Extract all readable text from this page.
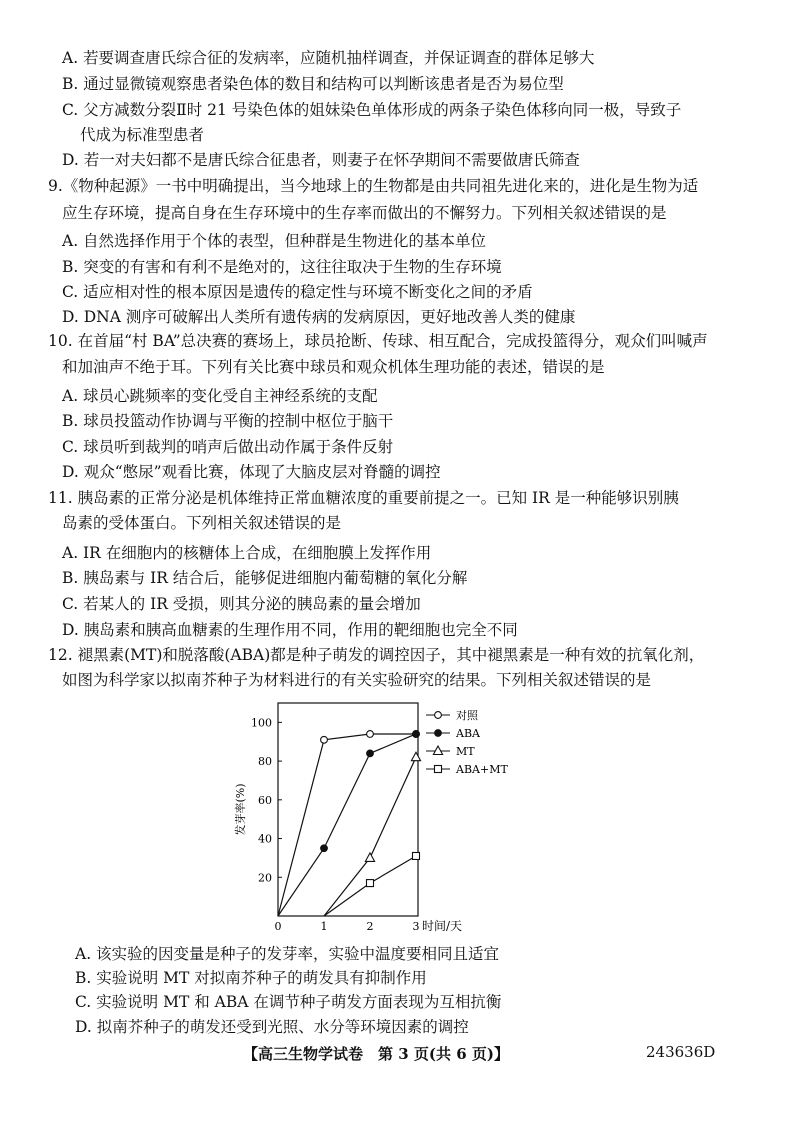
A. 若要调查唐氏综合征的发病率，应随机抽样调查，并保证调查的群体足够大
B. 通过显微镜观察患者染色体的数目和结构可以判断该患者是否为易位型
C. 父方减数分裂Ⅱ时 21 号染色体的姐妹染色单体形成的两条子染色体移向同一极，导致子
代成为标准型患者
D. 若一对夫妇都不是唐氏综合征患者，则妻子在怀孕期间不需要做唐氏筛查
9.《物种起源》一书中明确提出，当今地球上的生物都是由共同祖先进化来的，进化是生物为适
应生存环境，提高自身在生存环境中的生存率而做出的不懈努力。下列相关叙述错误的是
A. 自然选择作用于个体的表型，但种群是生物进化的基本单位
B. 突变的有害和有利不是绝对的，这往往取决于生物的生存环境
C. 适应相对性的根本原因是遗传的稳定性与环境不断变化之间的矛盾
D. DNA 测序可破解出人类所有遗传病的发病原因，更好地改善人类的健康
10. 在首届“村 BA”总决赛的赛场上，球员抢断、传球、相互配合，完成投篮得分，观众们叫喊声
和加油声不绝于耳。下列有关比赛中球员和观众机体生理功能的表述，错误的是
A. 球员心跳频率的变化受自主神经系统的支配
B. 球员投篮动作协调与平衡的控制中枢位于脑干
C. 球员听到裁判的哨声后做出动作属于条件反射
D. 观众“憋尿”观看比赛，体现了大脑皮层对脊髓的调控
11. 胰岛素的正常分泌是机体维持正常血糖浓度的重要前提之一。已知 IR 是一种能够识别胰
岛素的受体蛋白。下列相关叙述错误的是
A. IR 在细胞内的核糖体上合成，在细胞膜上发挥作用
B. 胰岛素与 IR 结合后，能够促进细胞内葡萄糖的氧化分解
C. 若某人的 IR 受损，则其分泌的胰岛素的量会增加
D. 胰岛素和胰高血糖素的生理作用不同，作用的靶细胞也完全不同
12. 褪黑素(MT)和脱落酸(ABA)都是种子萌发的调控因子，其中褪黑素是一种有效的抗氧化剂，
如图为科学家以拟南芥种子为材料进行的有关实验研究的结果。下列相关叙述错误的是
20
40
60
80
100
0	1	2	3
对照
ABA
MT
ABA+MT
发芽率(%)
时间/天
A. 该实验的因变量是种子的发芽率，实验中温度要相同且适宜
B. 实验说明 MT 对拟南芥种子的萌发具有抑制作用
C. 实验说明 MT 和 ABA 在调节种子萌发方面表现为互相抗衡
D. 拟南芥种子的萌发还受到光照、水分等环境因素的调控
【高三生物学试卷　第 3 页(共 6 页)】	243636D
